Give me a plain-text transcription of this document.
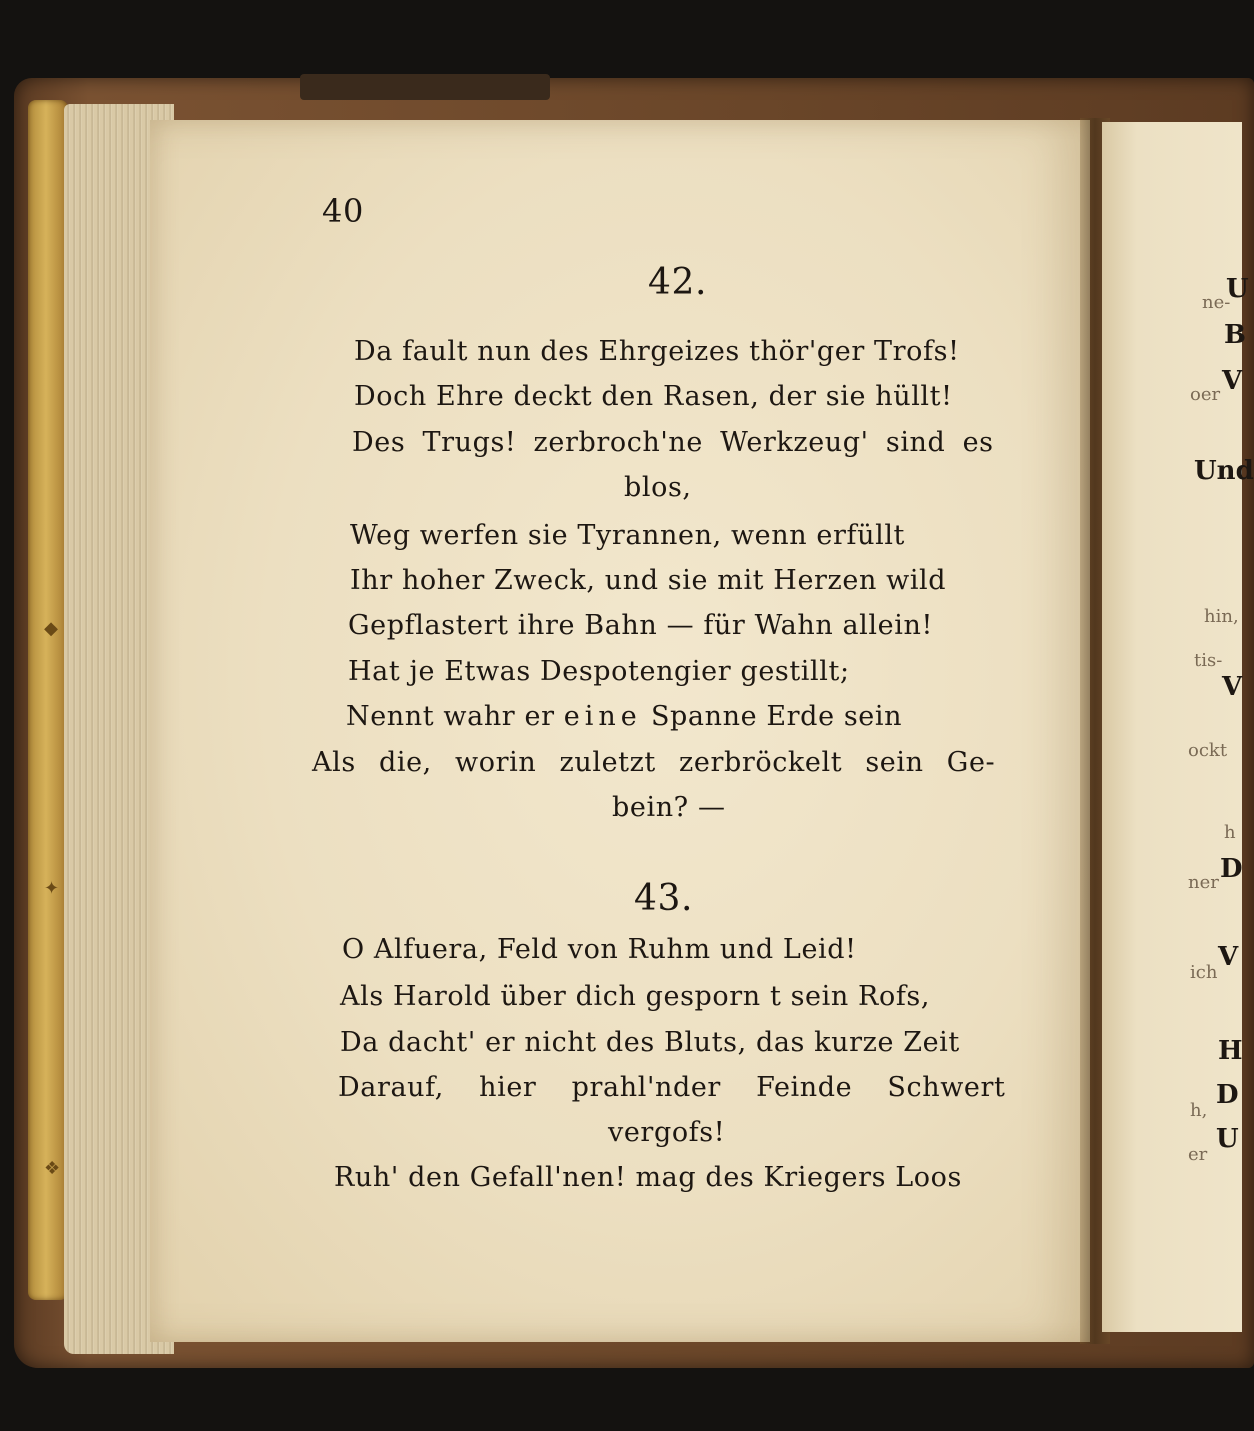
◆
✦
❖
40
42.
Da fault nun des Ehrgeizes thör'ger Trofs!
Doch Ehre deckt den Rasen, der sie hüllt!
Des Trugs! zerbroch'ne Werkzeug' sind es
blos,
Weg werfen sie Tyrannen, wenn erfüllt
Ihr hoher Zweck, und sie mit Herzen wild
Gepflastert ihre Bahn — für Wahn allein!
Hat je Etwas Despotengier gestillt;
Nennt wahr er eine Spanne Erde sein
Als die, worin zuletzt zerbröckelt sein Ge-
bein? —
43.
O Alfuera, Feld von Ruhm und Leid!
Als Harold über dich gesporn t sein Rofs,
Da dacht' er nicht des Bluts, das kurze Zeit
Darauf, hier prahl'nder Feinde Schwert
vergofs!
Ruh' den Gefall'nen! mag des Kriegers Loos
U
B
V
Und
V
D
V
H
D
U
ne-
oer
hin,
tis-
ockt
h
ner
ich
h,
er
